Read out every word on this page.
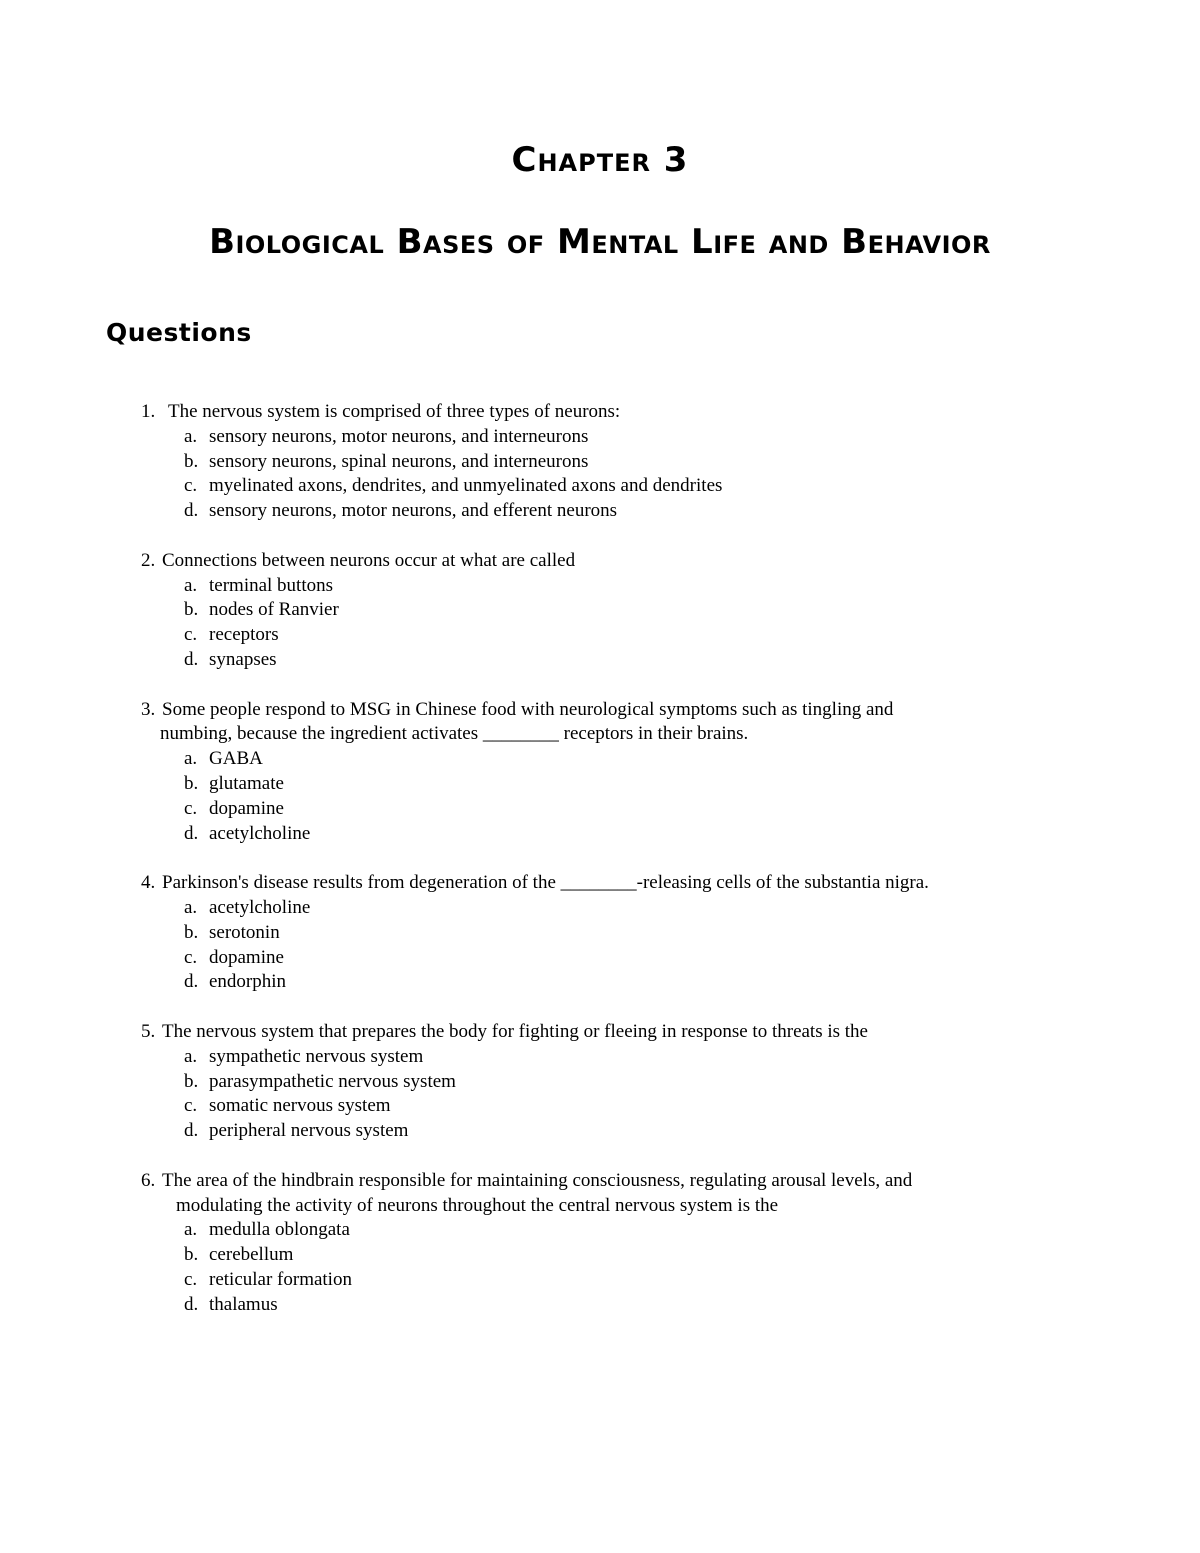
Chapter 3
Biological Bases of Mental Life and Behavior
Questions
1. The nervous system is comprised of three types of neurons:
a. sensory neurons, motor neurons, and interneurons
b. sensory neurons, spinal neurons, and interneurons
c. myelinated axons, dendrites, and unmyelinated axons and dendrites
d. sensory neurons, motor neurons, and efferent neurons
2. Connections between neurons occur at what are called
a. terminal buttons
b. nodes of Ranvier
c. receptors
d. synapses
3. Some people respond to MSG in Chinese food with neurological symptoms such as tingling and
numbing, because the ingredient activates ________ receptors in their brains.
a. GABA
b. glutamate
c. dopamine
d. acetylcholine
4. Parkinson's disease results from degeneration of the ________-releasing cells of the substantia nigra.
a. acetylcholine
b. serotonin
c. dopamine
d. endorphin
5. The nervous system that prepares the body for fighting or fleeing in response to threats is the
a. sympathetic nervous system
b. parasympathetic nervous system
c. somatic nervous system
d. peripheral nervous system
6. The area of the hindbrain responsible for maintaining consciousness, regulating arousal levels, and
modulating the activity of neurons throughout the central nervous system is the
a. medulla oblongata
b. cerebellum
c. reticular formation
d. thalamus
